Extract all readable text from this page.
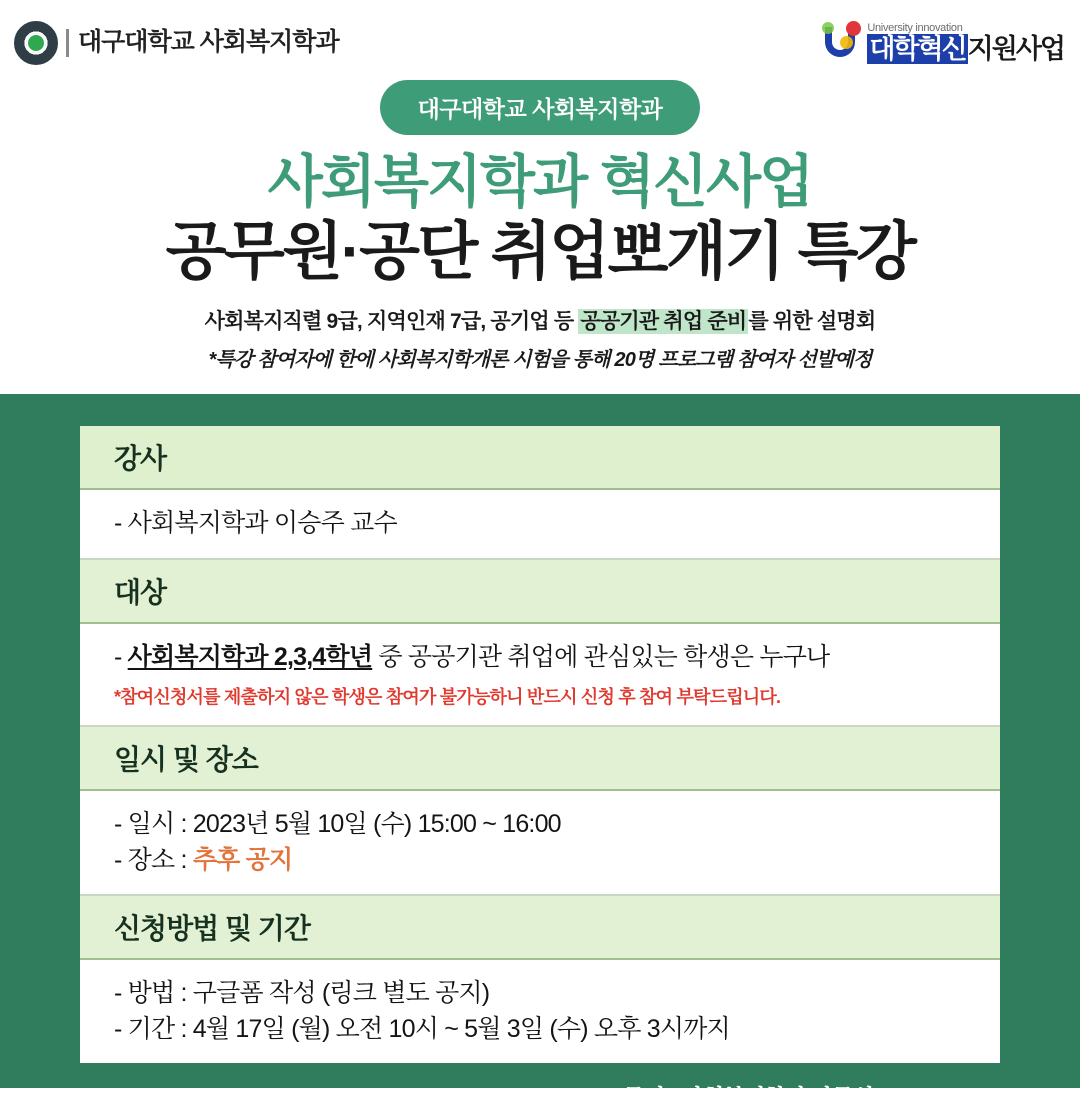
대구대학교 사회복지학과
University innovation
대학혁신지원사업
대구대학교 사회복지학과
사회복지학과 혁신사업
공무원·공단 취업뽀개기 특강
사회복지직렬 9급, 지역인재 7급, 공기업 등 공공기관 취업 준비를 위한 설명회
*특강 참여자에 한에 사회복지학개론 시험을 통해 20명 프로그램 참여자 선발예정
강사
- 사회복지학과 이승주 교수
대상
- 사회복지학과 2,3,4학년 중 공공기관 취업에 관심있는 학생은 누구나
*참여신청서를 제출하지 않은 학생은 참여가 불가능하니 반드시 신청 후 참여 부탁드립니다.
일시 및 장소
- 일시 : 2023년 5월 10일 (수) 15:00 ~ 16:00
- 장소 : 추후 공지
신청방법 및 기간
- 방법 : 구글폼 작성 (링크 별도 공지)
- 기간 : 4월 17일 (월) 오전 10시 ~ 5월 3일 (수) 오후 3시까지
문의 : 사회복지학과 사무실 (053.850.6310)
